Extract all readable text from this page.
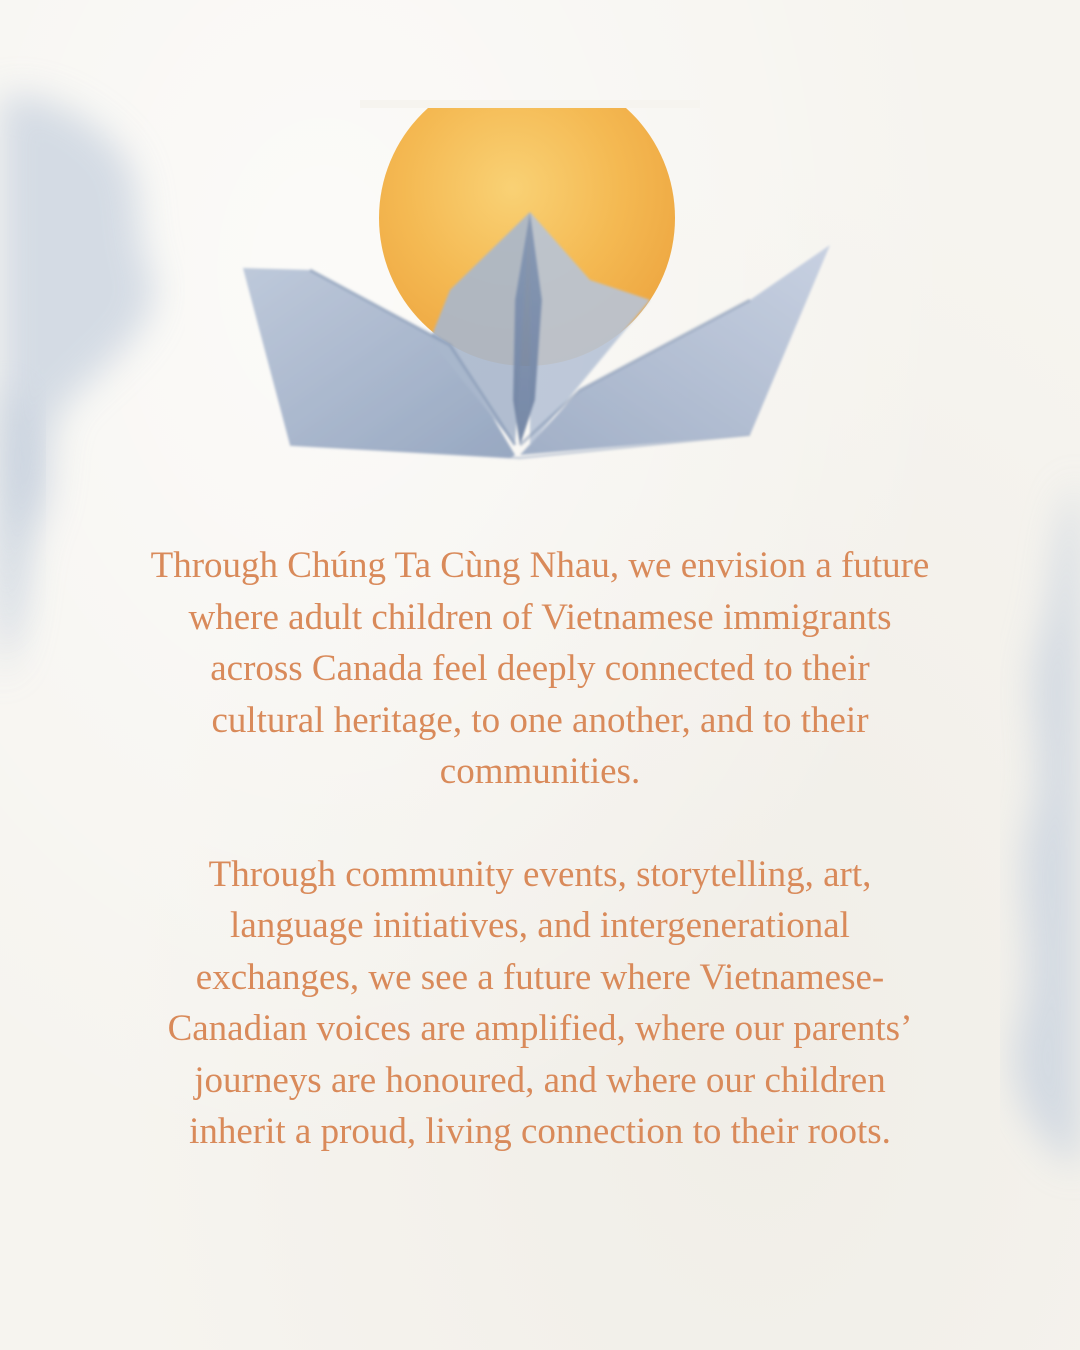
Through Chúng Ta Cùng Nhau, we envision a future where adult children of Vietnamese immigrants across Canada feel deeply connected to their cultural heritage, to one another, and to their communities.

Through community events, storytelling, art, language initiatives, and intergenerational exchanges, we see a future where Vietnamese-Canadian voices are amplified, where our parents’ journeys are honoured, and where our children inherit a proud, living connection to their roots.
